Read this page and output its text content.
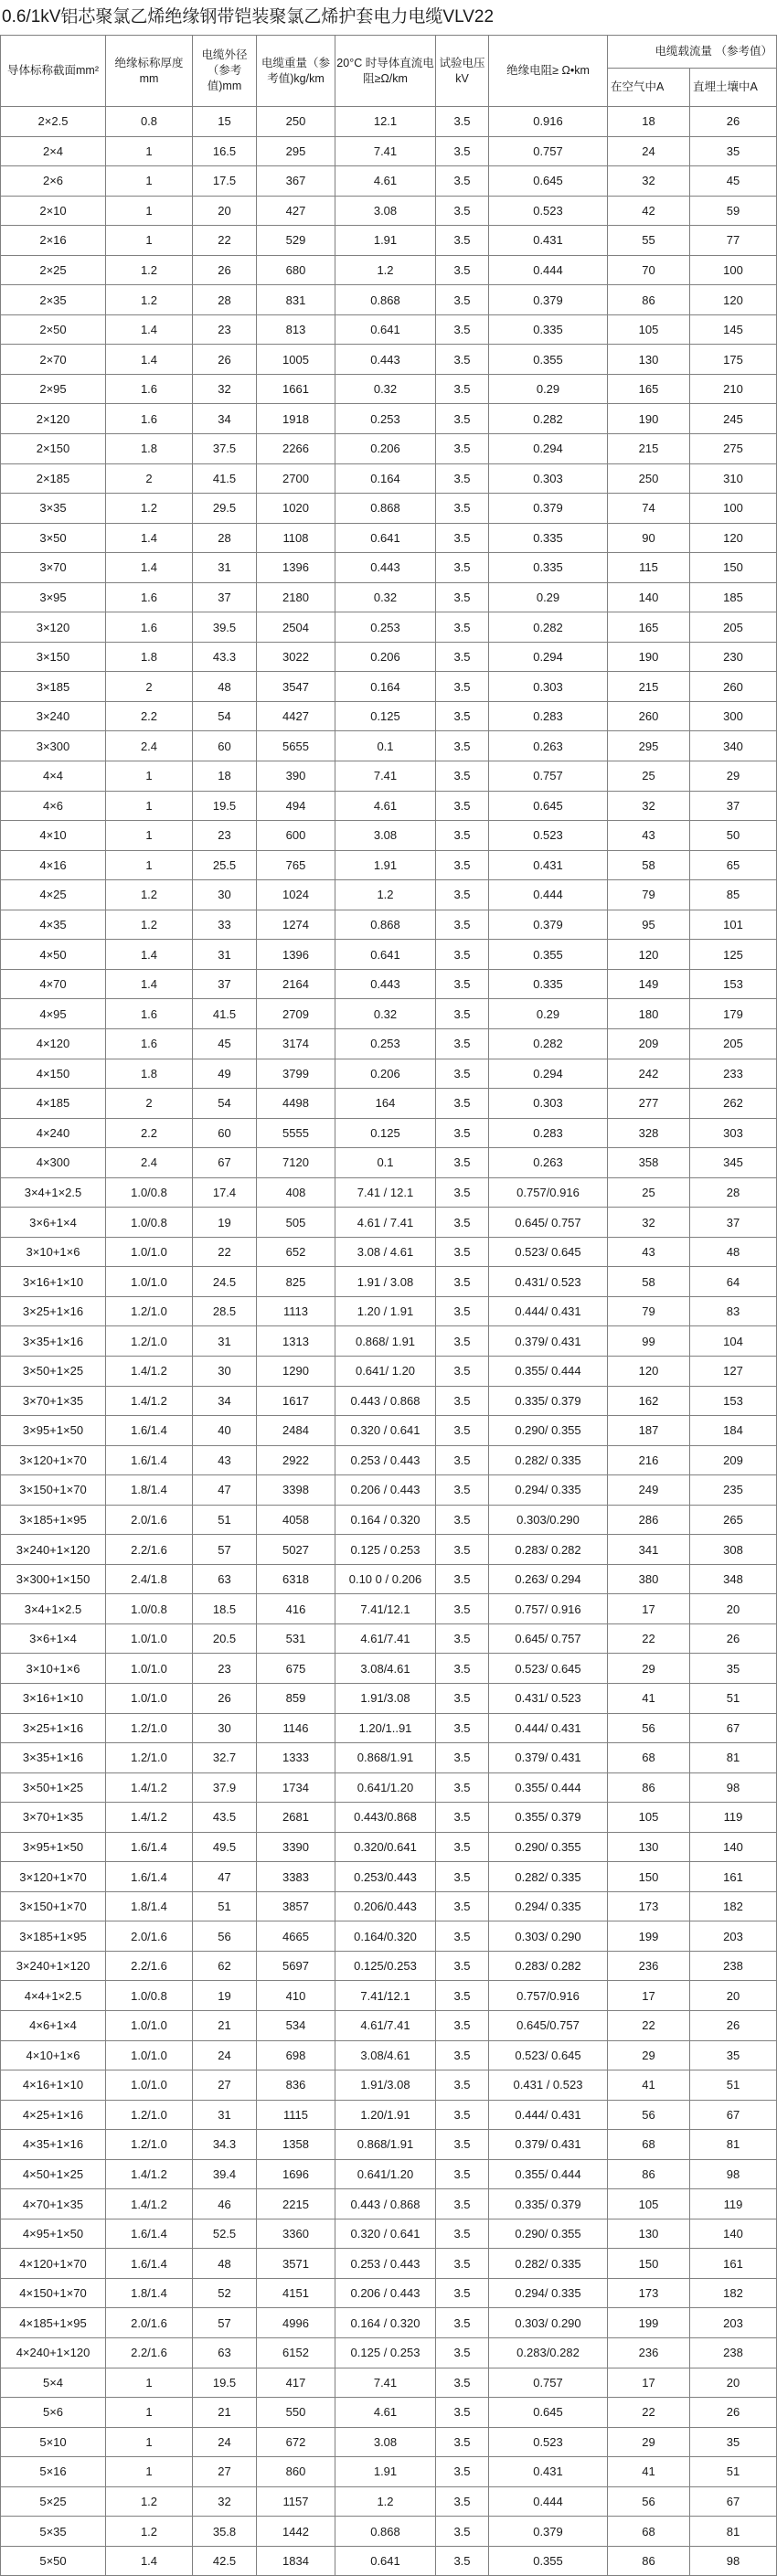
0.6/1kV铝芯聚氯乙烯绝缘钢带铠装聚氯乙烯护套电力电缆VLV22
导体标称截面mm²	绝缘标称厚度mm	电缆外径（参考值)mm	电缆重量（参考值)kg/km	20°C 时导体直流电阻≥Ω/km	试验电压kV	绝缘电阻≥ Ω•km	电缆载流量 （参考值）	
							在空气中A	直埋土壤中A
2×2.5	0.8	15	250	12.1	3.5	0.916	18	26
2×4	1	16.5	295	7.41	3.5	0.757	24	35
2×6	1	17.5	367	4.61	3.5	0.645	32	45
2×10	1	20	427	3.08	3.5	0.523	42	59
2×16	1	22	529	1.91	3.5	0.431	55	77
2×25	1.2	26	680	1.2	3.5	0.444	70	100
2×35	1.2	28	831	0.868	3.5	0.379	86	120
2×50	1.4	23	813	0.641	3.5	0.335	105	145
2×70	1.4	26	1005	0.443	3.5	0.355	130	175
2×95	1.6	32	1661	0.32	3.5	0.29	165	210
2×120	1.6	34	1918	0.253	3.5	0.282	190	245
2×150	1.8	37.5	2266	0.206	3.5	0.294	215	275
2×185	2	41.5	2700	0.164	3.5	0.303	250	310
3×35	1.2	29.5	1020	0.868	3.5	0.379	74	100
3×50	1.4	28	1108	0.641	3.5	0.335	90	120
3×70	1.4	31	1396	0.443	3.5	0.335	115	150
3×95	1.6	37	2180	0.32	3.5	0.29	140	185
3×120	1.6	39.5	2504	0.253	3.5	0.282	165	205
3×150	1.8	43.3	3022	0.206	3.5	0.294	190	230
3×185	2	48	3547	0.164	3.5	0.303	215	260
3×240	2.2	54	4427	0.125	3.5	0.283	260	300
3×300	2.4	60	5655	0.1	3.5	0.263	295	340
4×4	1	18	390	7.41	3.5	0.757	25	29
4×6	1	19.5	494	4.61	3.5	0.645	32	37
4×10	1	23	600	3.08	3.5	0.523	43	50
4×16	1	25.5	765	1.91	3.5	0.431	58	65
4×25	1.2	30	1024	1.2	3.5	0.444	79	85
4×35	1.2	33	1274	0.868	3.5	0.379	95	101
4×50	1.4	31	1396	0.641	3.5	0.355	120	125
4×70	1.4	37	2164	0.443	3.5	0.335	149	153
4×95	1.6	41.5	2709	0.32	3.5	0.29	180	179
4×120	1.6	45	3174	0.253	3.5	0.282	209	205
4×150	1.8	49	3799	0.206	3.5	0.294	242	233
4×185	2	54	4498	164	3.5	0.303	277	262
4×240	2.2	60	5555	0.125	3.5	0.283	328	303
4×300	2.4	67	7120	0.1	3.5	0.263	358	345
3×4+1×2.5	1.0/0.8	17.4	408	7.41 / 12.1	3.5	0.757/0.916	25	28
3×6+1×4	1.0/0.8	19	505	4.61 / 7.41	3.5	0.645/ 0.757	32	37
3×10+1×6	1.0/1.0	22	652	3.08 / 4.61	3.5	0.523/ 0.645	43	48
3×16+1×10	1.0/1.0	24.5	825	1.91 / 3.08	3.5	0.431/ 0.523	58	64
3×25+1×16	1.2/1.0	28.5	1113	1.20 / 1.91	3.5	0.444/ 0.431	79	83
3×35+1×16	1.2/1.0	31	1313	0.868/ 1.91	3.5	0.379/ 0.431	99	104
3×50+1×25	1.4/1.2	30	1290	0.641/ 1.20	3.5	0.355/ 0.444	120	127
3×70+1×35	1.4/1.2	34	1617	0.443 / 0.868	3.5	0.335/ 0.379	162	153
3×95+1×50	1.6/1.4	40	2484	0.320 / 0.641	3.5	0.290/ 0.355	187	184
3×120+1×70	1.6/1.4	43	2922	0.253 / 0.443	3.5	0.282/ 0.335	216	209
3×150+1×70	1.8/1.4	47	3398	0.206 / 0.443	3.5	0.294/ 0.335	249	235
3×185+1×95	2.0/1.6	51	4058	0.164 / 0.320	3.5	0.303/0.290	286	265
3×240+1×120	2.2/1.6	57	5027	0.125 / 0.253	3.5	0.283/ 0.282	341	308
3×300+1×150	2.4/1.8	63	6318	0.10 0 / 0.206	3.5	0.263/ 0.294	380	348
3×4+1×2.5	1.0/0.8	18.5	416	7.41/12.1	3.5	0.757/ 0.916	17	20
3×6+1×4	1.0/1.0	20.5	531	4.61/7.41	3.5	0.645/ 0.757	22	26
3×10+1×6	1.0/1.0	23	675	3.08/4.61	3.5	0.523/ 0.645	29	35
3×16+1×10	1.0/1.0	26	859	1.91/3.08	3.5	0.431/ 0.523	41	51
3×25+1×16	1.2/1.0	30	1146	1.20/1..91	3.5	0.444/ 0.431	56	67
3×35+1×16	1.2/1.0	32.7	1333	0.868/1.91	3.5	0.379/ 0.431	68	81
3×50+1×25	1.4/1.2	37.9	1734	0.641/1.20	3.5	0.355/ 0.444	86	98
3×70+1×35	1.4/1.2	43.5	2681	0.443/0.868	3.5	0.355/ 0.379	105	119
3×95+1×50	1.6/1.4	49.5	3390	0.320/0.641	3.5	0.290/ 0.355	130	140
3×120+1×70	1.6/1.4	47	3383	0.253/0.443	3.5	0.282/ 0.335	150	161
3×150+1×70	1.8/1.4	51	3857	0.206/0.443	3.5	0.294/ 0.335	173	182
3×185+1×95	2.0/1.6	56	4665	0.164/0.320	3.5	0.303/ 0.290	199	203
3×240+1×120	2.2/1.6	62	5697	0.125/0.253	3.5	0.283/ 0.282	236	238
4×4+1×2.5	1.0/0.8	19	410	7.41/12.1	3.5	0.757/0.916	17	20
4×6+1×4	1.0/1.0	21	534	4.61/7.41	3.5	0.645/0.757	22	26
4×10+1×6	1.0/1.0	24	698	3.08/4.61	3.5	0.523/ 0.645	29	35
4×16+1×10	1.0/1.0	27	836	1.91/3.08	3.5	0.431 / 0.523	41	51
4×25+1×16	1.2/1.0	31	1115	1.20/1.91	3.5	0.444/ 0.431	56	67
4×35+1×16	1.2/1.0	34.3	1358	0.868/1.91	3.5	0.379/ 0.431	68	81
4×50+1×25	1.4/1.2	39.4	1696	0.641/1.20	3.5	0.355/ 0.444	86	98
4×70+1×35	1.4/1.2	46	2215	0.443 / 0.868	3.5	0.335/ 0.379	105	119
4×95+1×50	1.6/1.4	52.5	3360	0.320 / 0.641	3.5	0.290/ 0.355	130	140
4×120+1×70	1.6/1.4	48	3571	0.253 / 0.443	3.5	0.282/ 0.335	150	161
4×150+1×70	1.8/1.4	52	4151	0.206 / 0.443	3.5	0.294/ 0.335	173	182
4×185+1×95	2.0/1.6	57	4996	0.164 / 0.320	3.5	0.303/ 0.290	199	203
4×240+1×120	2.2/1.6	63	6152	0.125 / 0.253	3.5	0.283/0.282	236	238
5×4	1	19.5	417	7.41	3.5	0.757	17	20
5×6	1	21	550	4.61	3.5	0.645	22	26
5×10	1	24	672	3.08	3.5	0.523	29	35
5×16	1	27	860	1.91	3.5	0.431	41	51
5×25	1.2	32	1157	1.2	3.5	0.444	56	67
5×35	1.2	35.8	1442	0.868	3.5	0.379	68	81
5×50	1.4	42.5	1834	0.641	3.5	0.355	86	98
